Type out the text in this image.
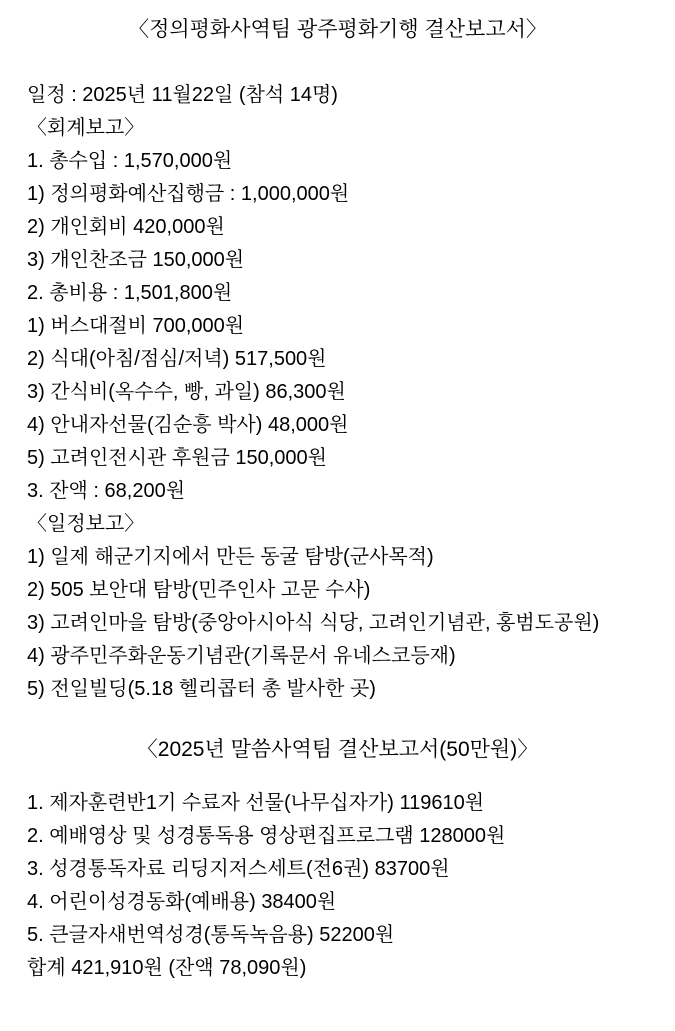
〈정의평화사역팀 광주평화기행 결산보고서〉
일정 : 2025년 11월22일 (참석 14명)
〈회계보고〉
1. 총수입 : 1,570,000원
1) 정의평화예산집행금 : 1,000,000원
2) 개인회비 420,000원
3) 개인찬조금 150,000원
2. 총비용 : 1,501,800원
1) 버스대절비 700,000원
2) 식대(아침/점심/저녁) 517,500원
3) 간식비(옥수수, 빵, 과일) 86,300원
4) 안내자선물(김순흥 박사) 48,000원
5) 고려인전시관 후원금 150,000원
3. 잔액 : 68,200원
〈일정보고〉
1) 일제 해군기지에서 만든 동굴 탐방(군사목적)
2) 505 보안대 탐방(민주인사 고문 수사)
3) 고려인마을 탐방(중앙아시아식 식당, 고려인기념관, 홍범도공원)
4) 광주민주화운동기념관(기록문서 유네스코등재)
5) 전일빌딩(5.18 헬리콥터 총 발사한 곳)
〈2025년 말씀사역팀 결산보고서(50만원)〉
1. 제자훈련반1기 수료자 선물(나무십자가) 119610원
2. 예배영상 및 성경통독용 영상편집프로그램 128000원
3. 성경통독자료 리딩지저스세트(전6권) 83700원
4. 어린이성경동화(예배용) 38400원
5. 큰글자새번역성경(통독녹음용) 52200원
합계 421,910원 (잔액 78,090원)
